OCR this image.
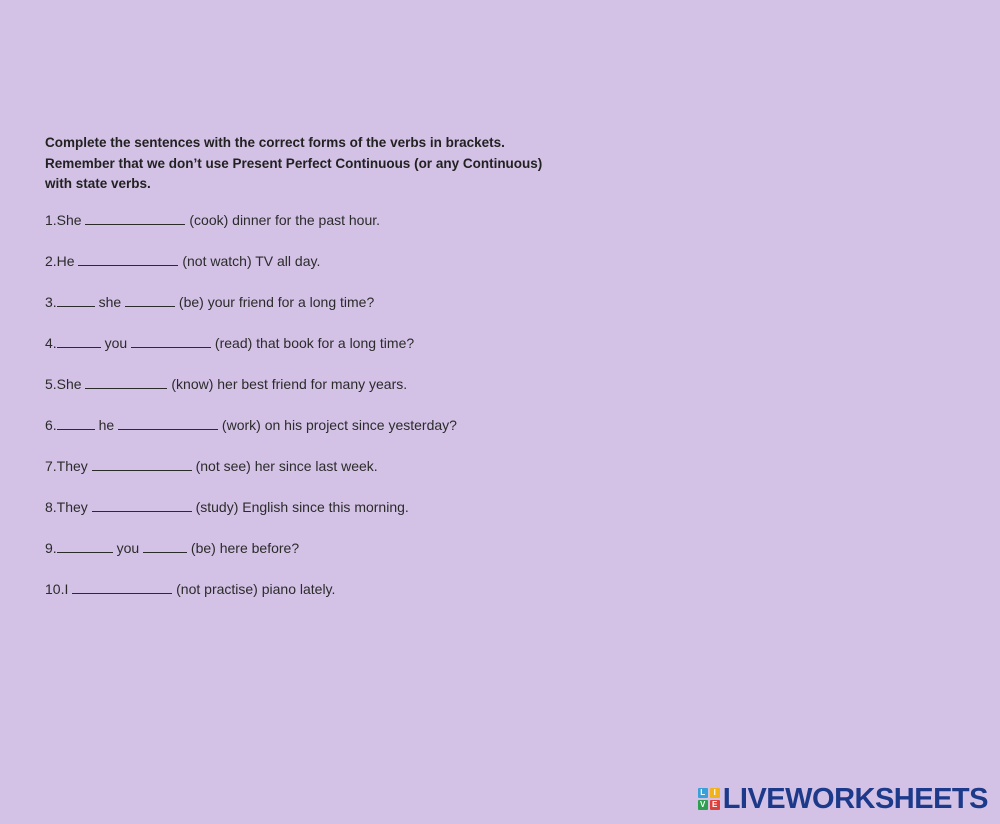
Complete the sentences with the correct forms of the verbs in brackets.
Remember that we don’t use Present Perfect Continuous (or any Continuous)
with state verbs.
1.She	(cook) dinner for the past hour.
2.He	(not watch) TV all day.
3.	she	(be) your friend for a long time?
4.	you	(read) that book for a long time?
5.She	(know) her best friend for many years.
6.	he	(work) on his project since yesterday?
7.They	(not see) her since last week.
8.They	(study) English since this morning.
9.	you	(be) here before?
10.I	(not practise) piano lately.
L	I
V E LIVEWORKSHEETS
